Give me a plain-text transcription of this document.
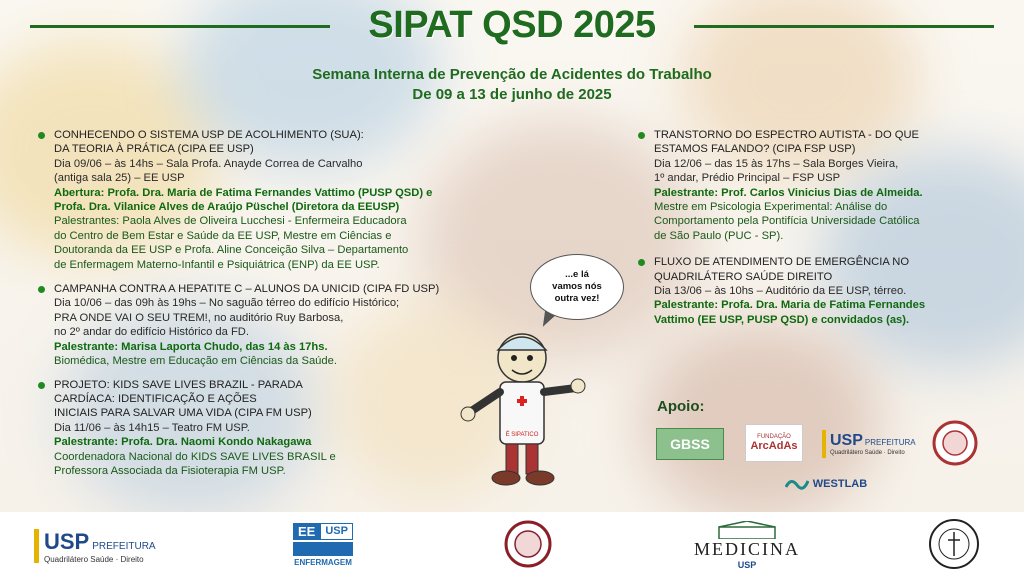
SIPAT QSD 2025
Semana Interna de Prevenção de Acidentes do Trabalho
De 09 a 13 de junho de 2025
CONHECENDO O SISTEMA USP DE ACOLHIMENTO (SUA):
DA TEORIA À PRÁTICA (CIPA EE USP)
Dia 09/06 – às 14hs – Sala Profa. Anayde Correa de Carvalho
(antiga sala 25) – EE USP
Abertura: Profa. Dra. Maria de Fatima Fernandes Vattimo (PUSP QSD) e
Profa. Dra. Vilanice Alves de Araújo Püschel (Diretora da EEUSP)
Palestrantes: Paola Alves de Oliveira Lucchesi - Enfermeira Educadora
do Centro de Bem Estar e Saúde da EE USP, Mestre em Ciências e
Doutoranda da EE USP e Profa. Aline Conceição Silva – Departamento
de Enfermagem Materno-Infantil e Psiquiátrica (ENP) da EE USP.
CAMPANHA CONTRA A HEPATITE C – ALUNOS DA UNICID (CIPA FD USP)
Dia 10/06 – das 09h às 19hs – No saguão térreo do edifício Histórico;
PRA ONDE VAI O SEU TREM!, no auditório Ruy Barbosa,
no 2º andar do edifício Histórico da FD.
Palestrante: Marisa Laporta Chudo, das 14 às 17hs.
Biomédica, Mestre em Educação em Ciências da Saúde.
PROJETO: KIDS SAVE LIVES BRAZIL - PARADA
CARDÍACA: IDENTIFICAÇÃO E AÇÕES
INICIAIS PARA SALVAR UMA VIDA (CIPA FM USP)
Dia 11/06 – às 14h15 – Teatro FM USP.
Palestrante: Profa. Dra. Naomi Kondo Nakagawa
Coordenadora Nacional do KIDS SAVE LIVES BRASIL e
Professora Associada da Fisioterapia FM USP.
TRANSTORNO DO ESPECTRO AUTISTA - DO QUE
ESTAMOS FALANDO? (CIPA FSP USP)
Dia 12/06 – das 15 às 17hs – Sala Borges Vieira,
1º andar, Prédio Principal – FSP USP
Palestrante: Prof. Carlos Vinicius Dias de Almeida.
Mestre em Psicologia Experimental: Análise do
Comportamento pela Pontifícia Universidade Católica
de São Paulo (PUC - SP).
FLUXO DE ATENDIMENTO DE EMERGÊNCIA NO
QUADRILÁTERO SAÚDE DIREITO
Dia 13/06 – às 10hs – Auditório da EE USP, térreo.
Palestrante: Profa. Dra. Maria de Fatima Fernandes
Vattimo (EE USP, PUSP QSD) e convidados (as).
...e lá
vamos nós
outra vez!
É SIPATICO
Apoio:
GBSS	FUNDAÇÃO
ArcAdAs USP PREFEITURA
Quadrilátero Saúde · Direito
WESTLAB
USP PREFEITURA
Quadrilátero Saúde · Direito
EE USP
ENFERMAGEM
MEDICINA
USP
